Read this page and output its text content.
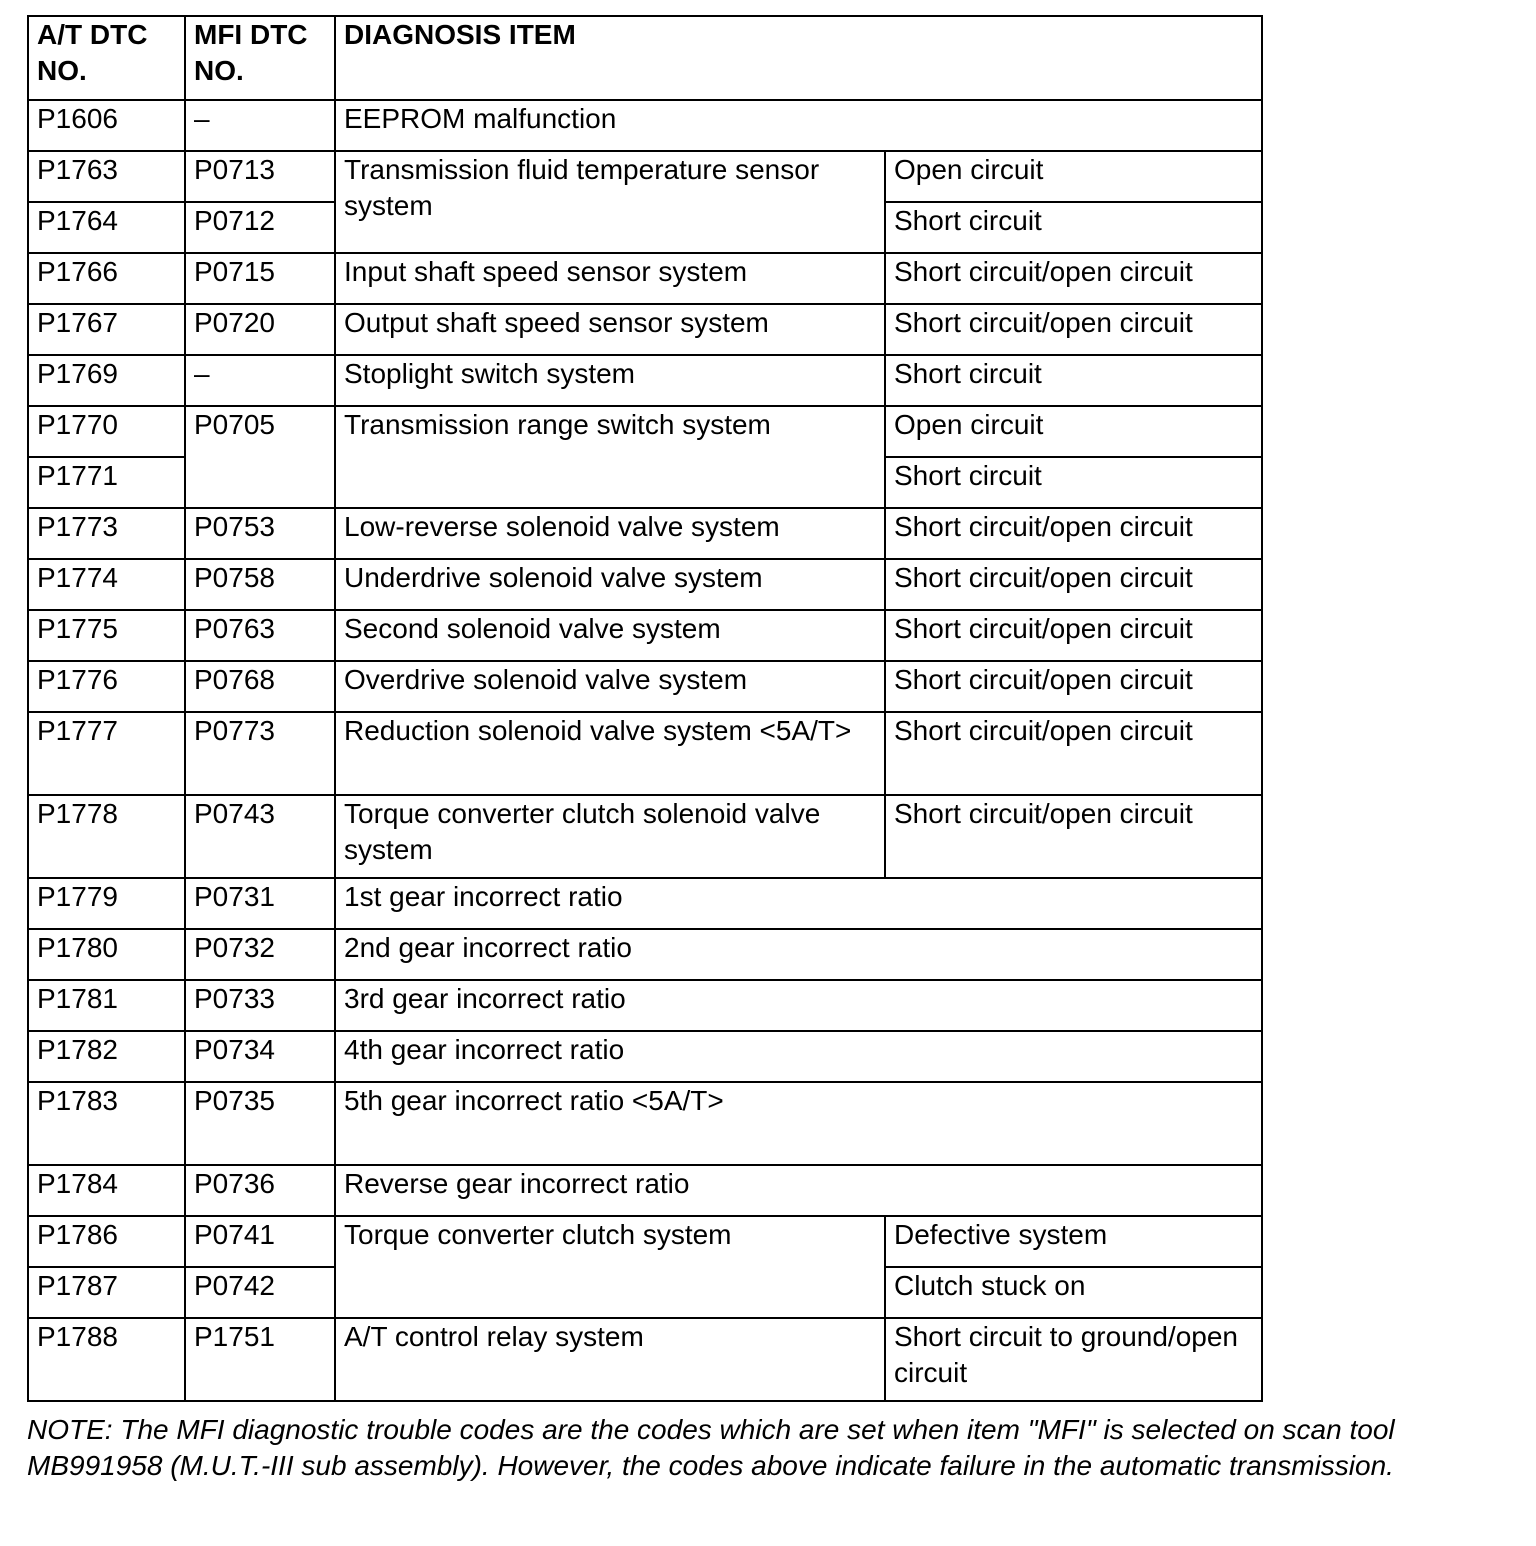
A/T DTC NO.	MFI DTC NO.	DIAGNOSIS ITEM	
P1606	–	EEPROM malfunction	
P1763	P0713	Transmission fluid temperature sensor system	Open circuit
P1764	P0712		Short circuit
P1766	P0715	Input shaft speed sensor system	Short circuit/open circuit
P1767	P0720	Output shaft speed sensor system	Short circuit/open circuit
P1769	–	Stoplight switch system	Short circuit
P1770	P0705	Transmission range switch system	Open circuit
P1771			Short circuit
P1773	P0753	Low-reverse solenoid valve system	Short circuit/open circuit
P1774	P0758	Underdrive solenoid valve system	Short circuit/open circuit
P1775	P0763	Second solenoid valve system	Short circuit/open circuit
P1776	P0768	Overdrive solenoid valve system	Short circuit/open circuit
P1777	P0773	Reduction solenoid valve system <5A/T>	Short circuit/open circuit
P1778	P0743	Torque converter clutch solenoid valve system	Short circuit/open circuit
P1779	P0731	1st gear incorrect ratio	
P1780	P0732	2nd gear incorrect ratio	
P1781	P0733	3rd gear incorrect ratio	
P1782	P0734	4th gear incorrect ratio	
P1783	P0735	5th gear incorrect ratio <5A/T>	
P1784	P0736	Reverse gear incorrect ratio	
P1786	P0741	Torque converter clutch system	Defective system
P1787	P0742		Clutch stuck on
P1788	P1751	A/T control relay system	Short circuit to ground/open circuit

NOTE: The MFI diagnostic trouble codes are the codes which are set when item "MFI" is selected on scan tool MB991958 (M.U.T.-III sub assembly). However, the codes above indicate failure in the automatic transmission.
